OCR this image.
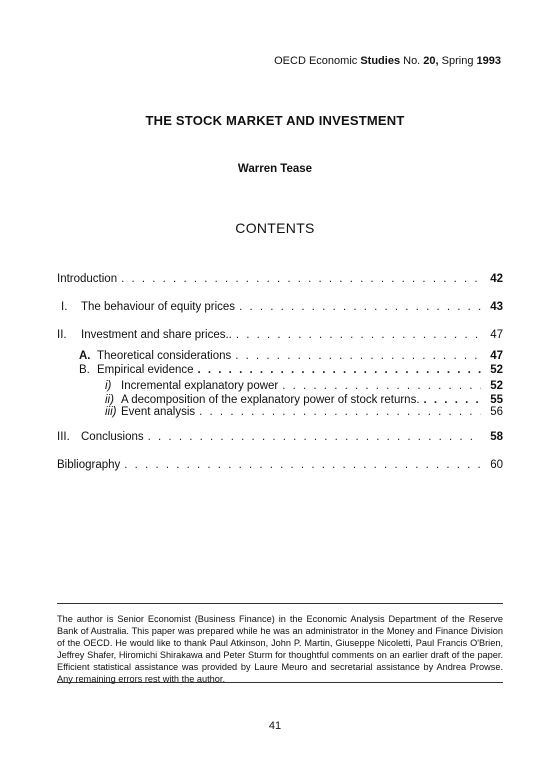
OECD Economic Studies No. 20, Spring 1993
THE STOCK MARKET AND INVESTMENT
Warren Tease
CONTENTS
Introduction . . .	42
I.	The behaviour of equity prices . . .	43
II.	Investment and share prices.. . . .	47
A. Theoretical considerations . . .	47
B. Empirical evidence . . .	52
i) Incremental explanatory power . . .	52
ii) A decomposition of the explanatory power of stock returns. . . .	55
iii) Event analysis . . .	56
III. Conclusions . . .	58
Bibliography . . .	60
The author is Senior Economist (Business Finance) in the Economic Analysis Department of the Reserve Bank of Australia. This paper was prepared while he was an administrator in the Money and Finance Division of the OECD. He would like to thank Paul Atkinson, John P. Martin, Giuseppe Nicoletti, Paul Francis O'Brien, Jeffrey Shafer, Hiromichi Shirakawa and Peter Sturm for thoughtful comments on an earlier draft of the paper. Efficient statistical assistance was provided by Laure Meuro and secretarial assistance by Andrea Prowse. Any remaining errors rest with the author.
41
